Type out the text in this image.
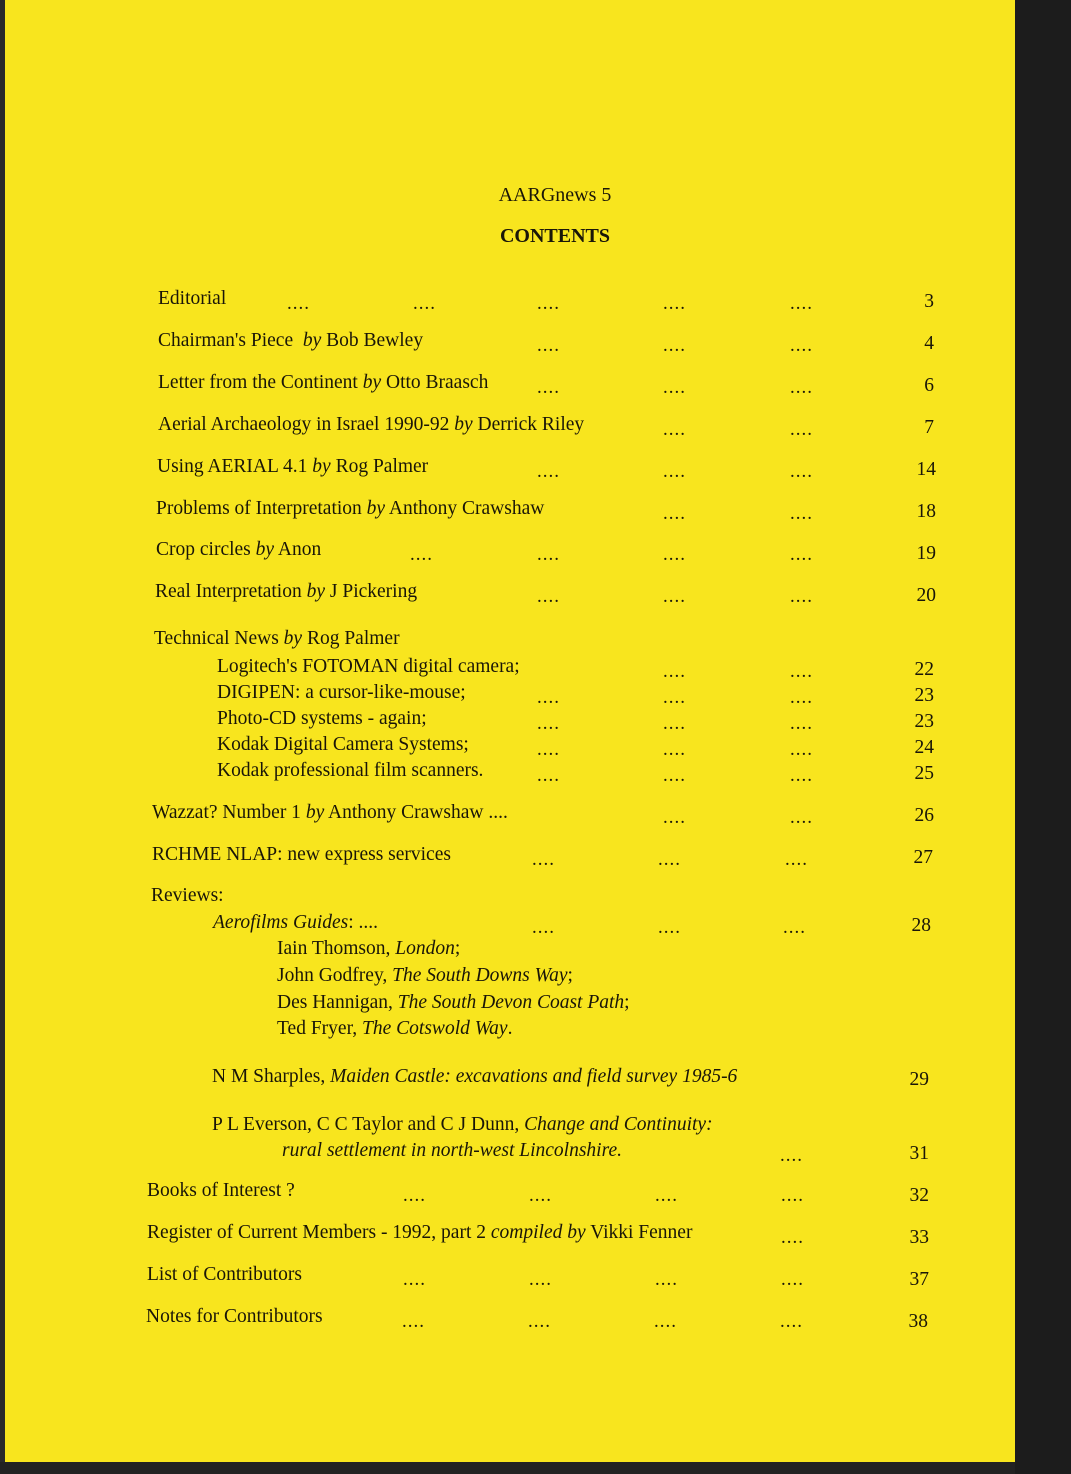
AARGnews 5
CONTENTS
Editorial	....	....	....	....	....	3
Chairman's Piece by Bob Bewley	....	....	....	4
Letter from the Continent by Otto Braasch	....	....	....	6
Aerial Archaeology in Israel 1990-92 by Derrick Riley	....	....	7
Using AERIAL 4.1 by Rog Palmer	....	....	....	14
Problems of Interpretation by Anthony Crawshaw	....	....	18
Crop circles by Anon	....	....	....	....	19
Real Interpretation by J Pickering	....	....	....	20
Technical News by Rog Palmer
Logitech's FOTOMAN digital camera;	....	....	22
DIGIPEN: a cursor-like-mouse;	....	....	....	23
Photo-CD systems - again;	....	....	....	23
Kodak Digital Camera Systems;	....	....	....	24
Kodak professional film scanners.	....	....	....	25
Wazzat? Number 1 by Anthony Crawshaw ....	....	....	26
RCHME NLAP: new express services	....	....	....	27
Reviews:
Aerofilms Guides: ....	....	....	....	28
Iain Thomson, London;
John Godfrey, The South Downs Way;
Des Hannigan, The South Devon Coast Path;
Ted Fryer, The Cotswold Way.
N M Sharples, Maiden Castle: excavations and field survey 1985-6	29
P L Everson, C C Taylor and C J Dunn, Change and Continuity:
rural settlement in north-west Lincolnshire.	....	31
Books of Interest ?	....	....	....	....	32
Register of Current Members - 1992, part 2 compiled by Vikki Fenner	....	33
List of Contributors	....	....	....	....	37
Notes for Contributors	....	....	....	....	38
